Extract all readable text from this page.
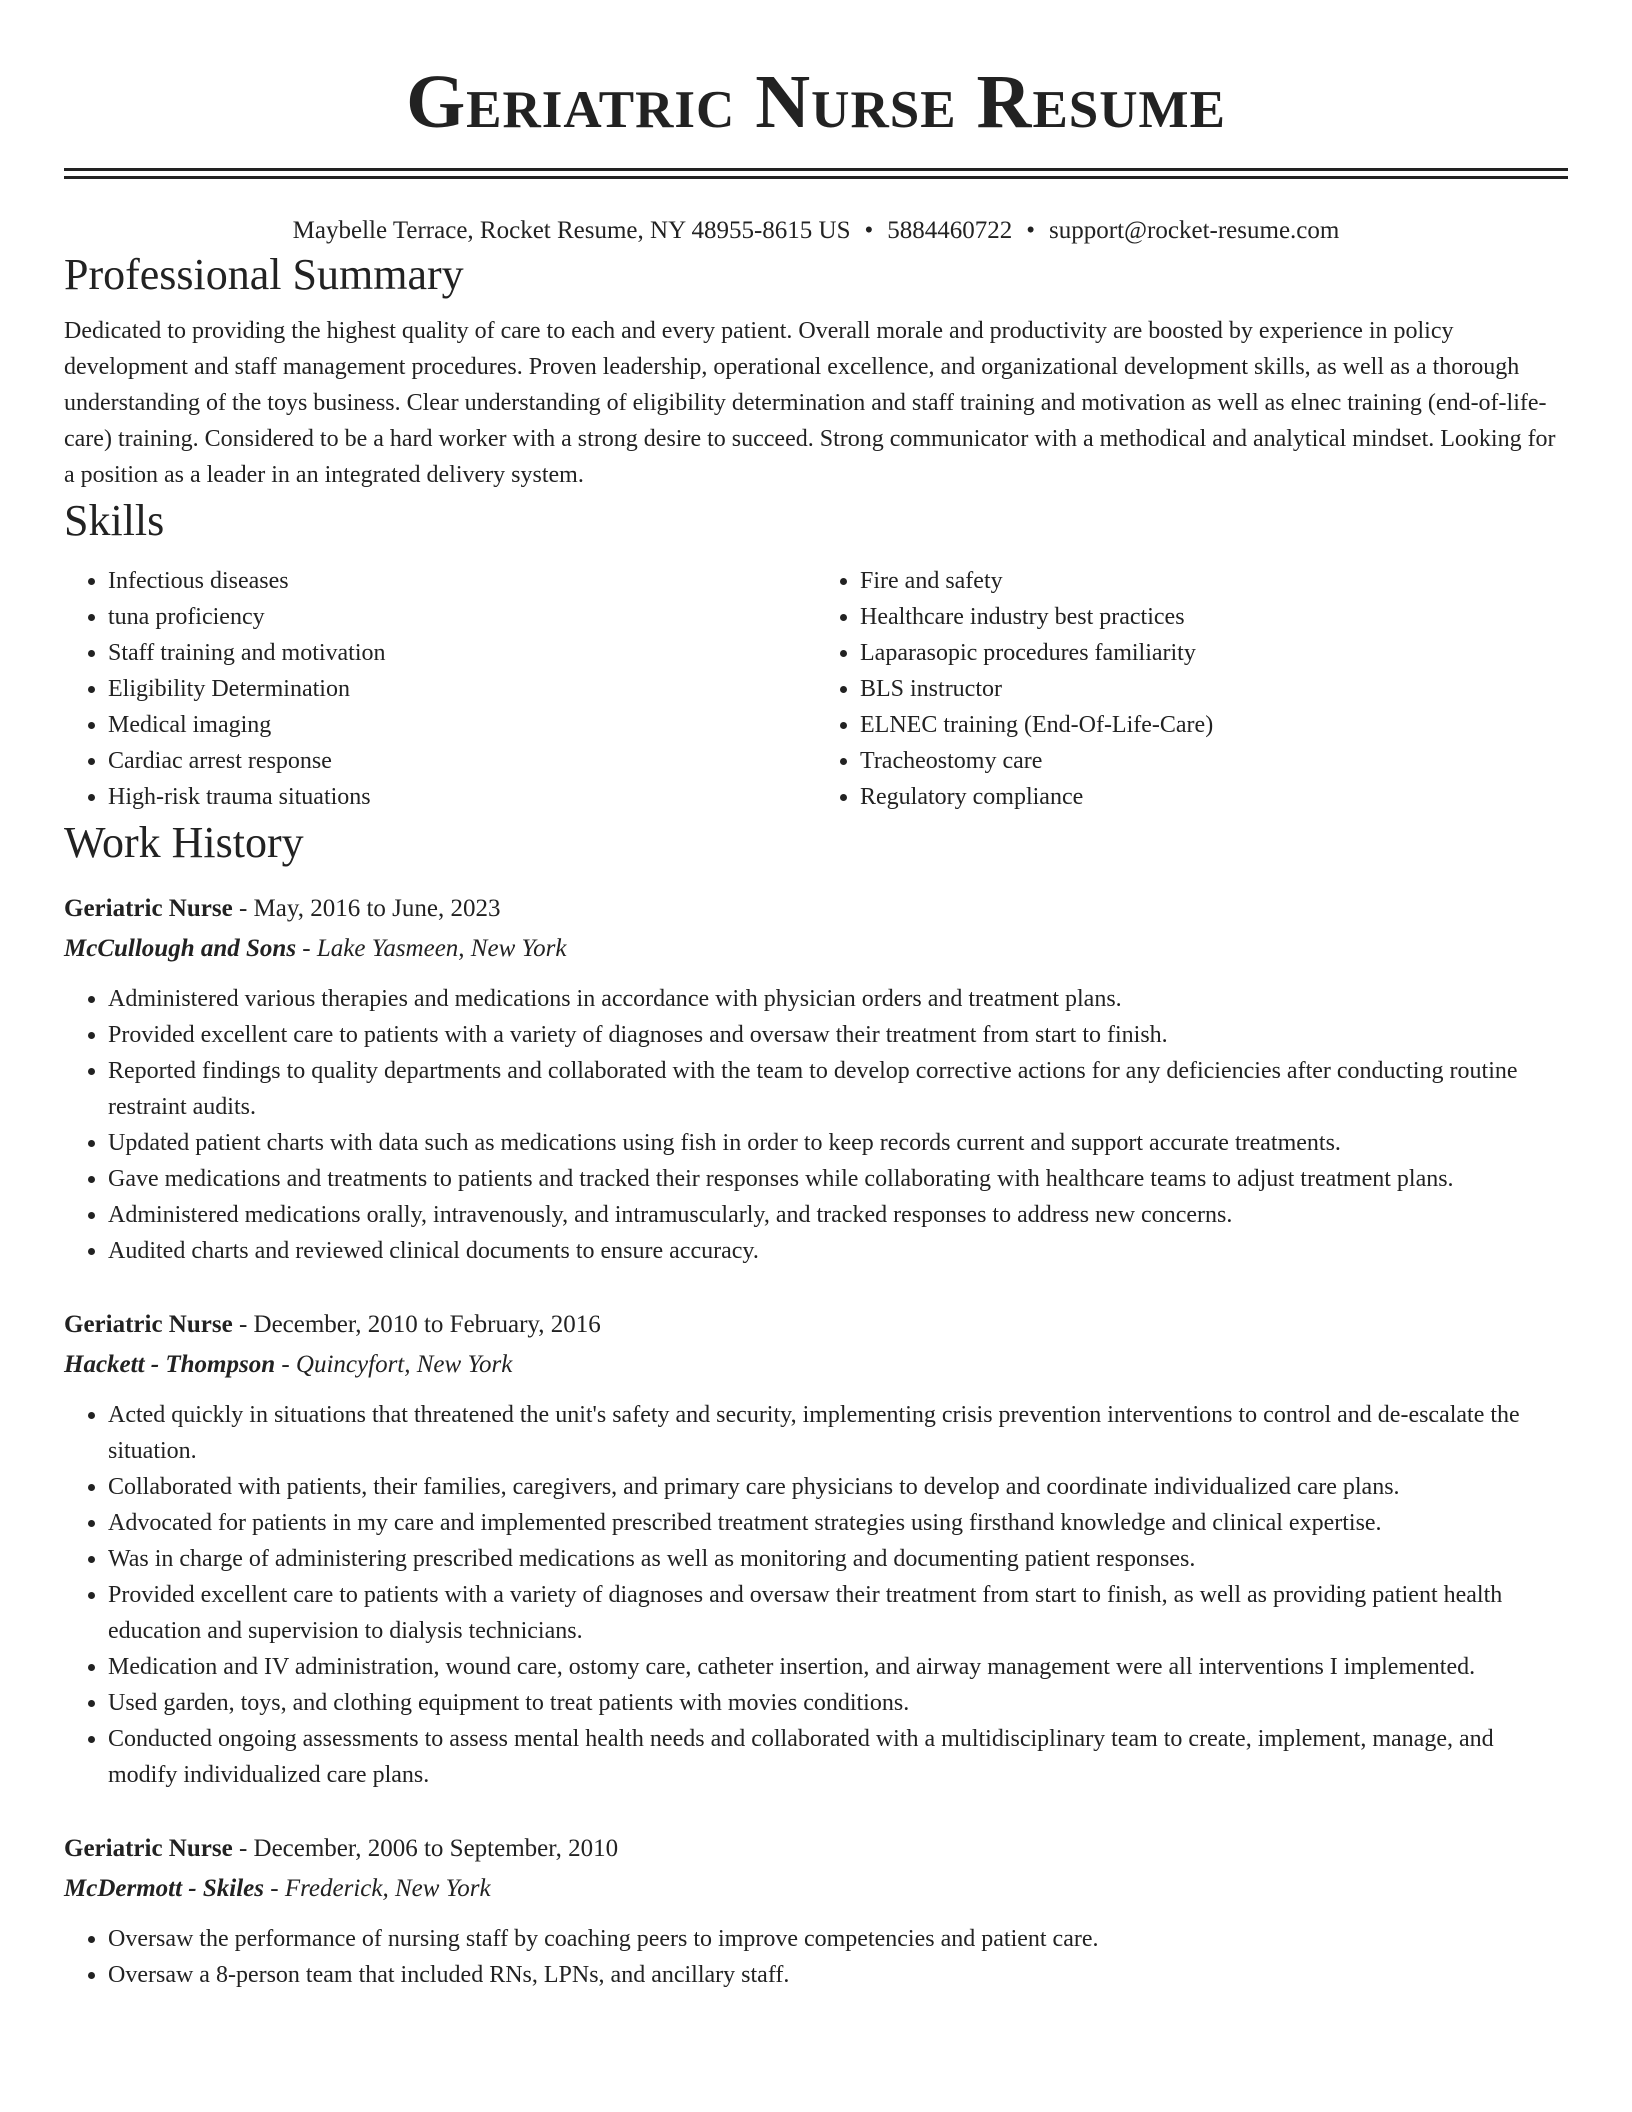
Geriatric Nurse Resume
Maybelle Terrace, Rocket Resume, NY 48955-8615 US • 5884460722 • support@rocket-resume.com
Professional Summary

Dedicated to providing the highest quality of care to each and every patient. Overall morale and productivity are boosted by experience in policy development and staff management procedures. Proven leadership, operational excellence, and organizational development skills, as well as a thorough understanding of the toys business. Clear understanding of eligibility determination and staff training and motivation as well as elnec training (end-of-life-care) training. Considered to be a hard worker with a strong desire to succeed. Strong communicator with a methodical and analytical mindset. Looking for a position as a leader in an integrated delivery system.

Skills
• Infectious diseases
• tuna proficiency
• Staff training and motivation
• Eligibility Determination
• Medical imaging
• Cardiac arrest response
• High-risk trauma situations
• Fire and safety
• Healthcare industry best practices
• Laparasopic procedures familiarity
• BLS instructor
• ELNEC training (End-Of-Life-Care)
• Tracheostomy care
• Regulatory compliance
Work History
Geriatric Nurse - May, 2016 to June, 2023
McCullough and Sons - Lake Yasmeen, New York
• Administered various therapies and medications in accordance with physician orders and treatment plans.
• Provided excellent care to patients with a variety of diagnoses and oversaw their treatment from start to finish.
• Reported findings to quality departments and collaborated with the team to develop corrective actions for any deficiencies after conducting routine restraint audits.
• Updated patient charts with data such as medications using fish in order to keep records current and support accurate treatments.
• Gave medications and treatments to patients and tracked their responses while collaborating with healthcare teams to adjust treatment plans.
• Administered medications orally, intravenously, and intramuscularly, and tracked responses to address new concerns.
• Audited charts and reviewed clinical documents to ensure accuracy.
Geriatric Nurse - December, 2010 to February, 2016
Hackett - Thompson - Quincyfort, New York
• Acted quickly in situations that threatened the unit's safety and security, implementing crisis prevention interventions to control and de-escalate the situation.
• Collaborated with patients, their families, caregivers, and primary care physicians to develop and coordinate individualized care plans.
• Advocated for patients in my care and implemented prescribed treatment strategies using firsthand knowledge and clinical expertise.
• Was in charge of administering prescribed medications as well as monitoring and documenting patient responses.
• Provided excellent care to patients with a variety of diagnoses and oversaw their treatment from start to finish, as well as providing patient health education and supervision to dialysis technicians.
• Medication and IV administration, wound care, ostomy care, catheter insertion, and airway management were all interventions I implemented.
• Used garden, toys, and clothing equipment to treat patients with movies conditions.
• Conducted ongoing assessments to assess mental health needs and collaborated with a multidisciplinary team to create, implement, manage, and modify individualized care plans.
Geriatric Nurse - December, 2006 to September, 2010
McDermott - Skiles - Frederick, New York
• Oversaw the performance of nursing staff by coaching peers to improve competencies and patient care.
• Oversaw a 8-person team that included RNs, LPNs, and ancillary staff.
